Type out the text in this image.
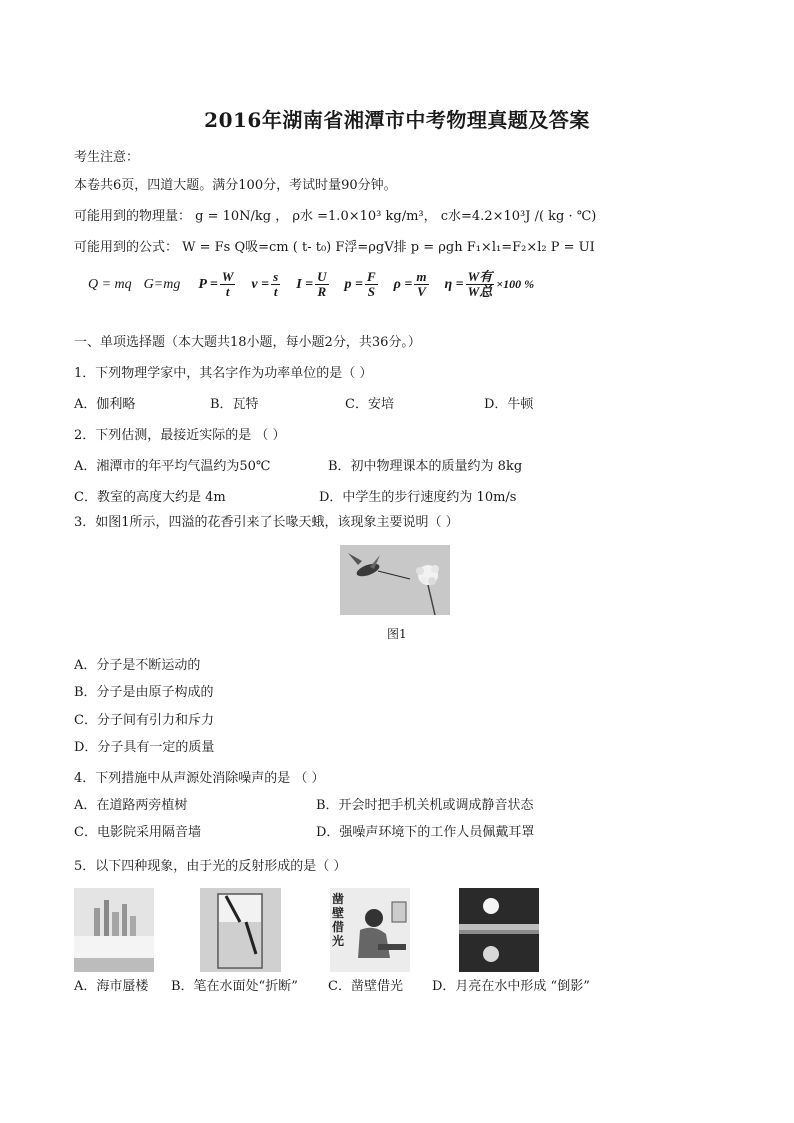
2016年湖南省湘潭市中考物理真题及答案
考生注意：
本卷共6页，四道大题。满分100分，考试时量90分钟。
可能用到的物理量： g = 10N/kg ， ρ水 =1.0×10³ kg/m³， c水=4.2×10³J /( kg · ℃)
可能用到的公式： W = Fs Q吸=cm ( t- t₀) F浮=ρgV排 p = ρgh F₁×l₁=F₂×l₂ P = UI
Q = mq G=mg $P = \frac{W}{t}$ $v = \frac{s}{t}$ $I = \frac{U}{R}$ $p = \frac{F}{S}$ $\rho = \frac{m}{V}$ $\eta = \frac{\text{W有}}{\text{W总}} \times 100$ %
一、单项选择题（本大题共18小题，每小题2分，共36分。）
1．下列物理学家中，其名字作为功率单位的是（ ）
A．伽利略	B．瓦特	C．安培	D．牛顿
2．下列估测，最接近实际的是 （ ）
A．湘潭市的年平均气温约为50℃	B．初中物理课本的质量约为 8kg
C．教室的高度大约是 4m	D．中学生的步行速度约为 10m/s
3．如图1所示，四溢的花香引来了长喙天蛾，该现象主要说明（ ）
图1
A．分子是不断运动的
B．分子是由原子构成的
C．分子间有引力和斥力
D．分子具有一定的质量
4．下列措施中从声源处消除噪声的是 （ ）
A．在道路两旁植树	B．开会时把手机关机或调成静音状态
C．电影院采用隔音墙	D．强噪声环境下的工作人员佩戴耳罩
5．以下四种现象，由于光的反射形成的是（ ）
凿壁借光
A．海市蜃楼 B．笔在水面处“折断” C．凿壁借光 D．月亮在水中形成 “倒影”
